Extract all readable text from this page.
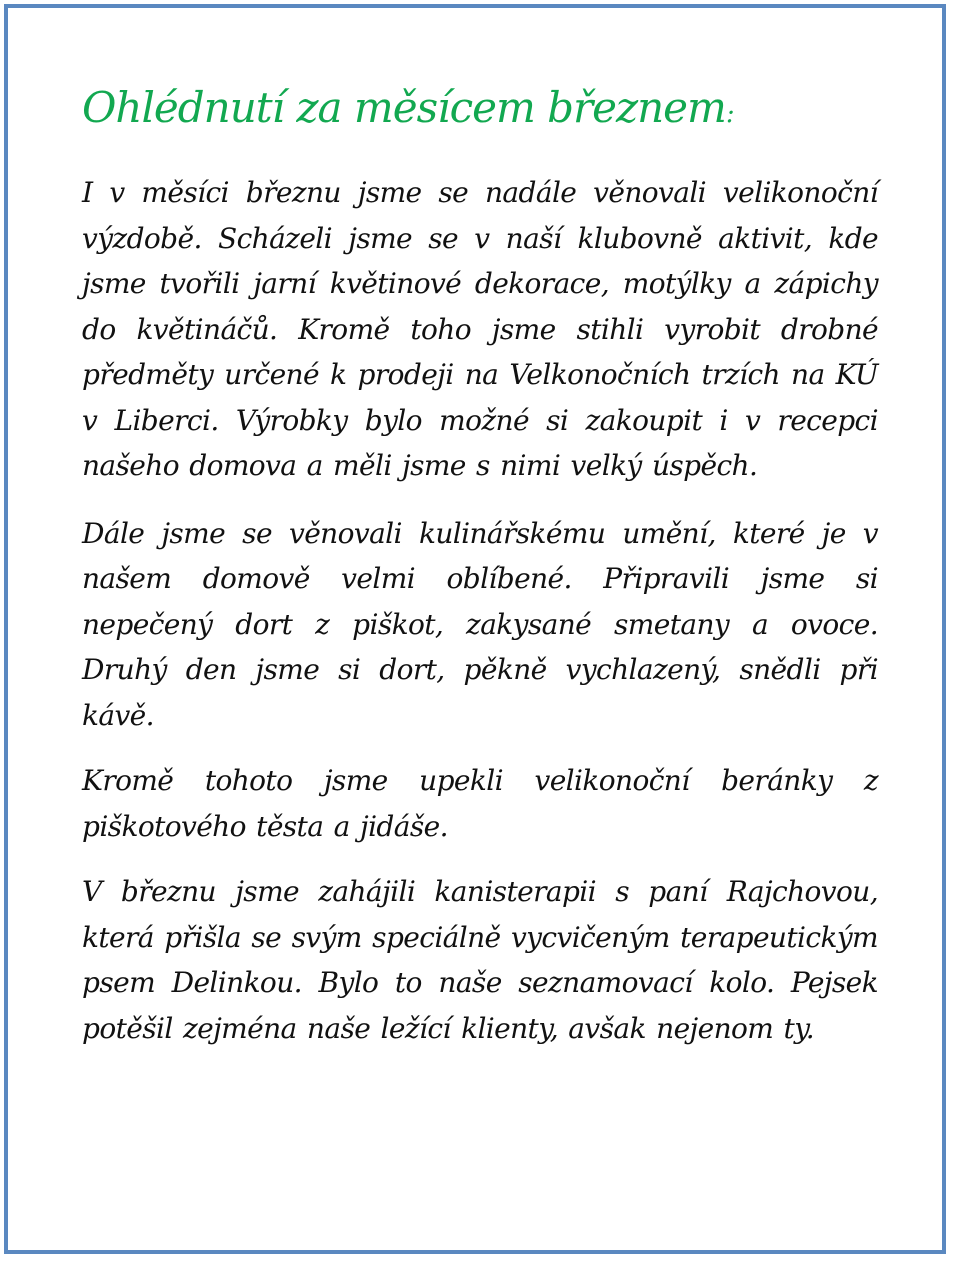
Ohlédnutí za měsícem březnem:

I v měsíci březnu jsme se nadále věnovali velikonoční výzdobě. Scházeli jsme se v naší klubovně aktivit, kde jsme tvořili jarní květinové dekorace, motýlky a zápichy do květináčů. Kromě toho jsme stihli vyrobit drobné předměty určené k prodeji na Velkonočních trzích na KÚ v Liberci. Výrobky bylo možné si zakoupit i v recepci našeho domova a měli jsme s nimi velký úspěch.

Dále jsme se věnovali kulinářskému umění, které je v našem domově velmi oblíbené. Připravili jsme si nepečený dort z piškot, zakysané smetany a ovoce. Druhý den jsme si dort, pěkně vychlazený, snědli při kávě.

Kromě tohoto jsme upekli velikonoční beránky z piškotového těsta a jidáše.

V březnu jsme zahájili kanisterapii s paní Rajchovou, která přišla se svým speciálně vycvičeným terapeutickým psem Delinkou. Bylo to naše seznamovací kolo. Pejsek potěšil zejména naše ležící klienty, avšak nejenom ty.
